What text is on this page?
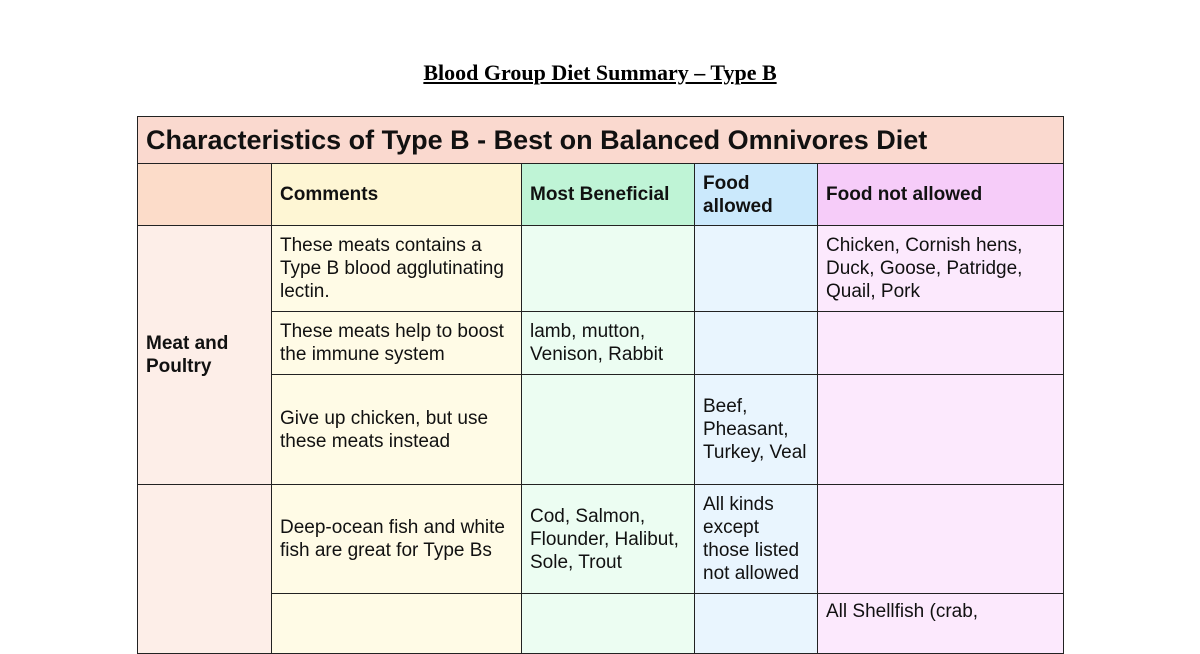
Blood Group Diet Summary – Type B
Characteristics of Type B - Best on Balanced Omnivores Diet				
	Comments	Most Beneficial	Food allowed	Food not allowed
Meat and Poultry	These meats contains a Type B blood agglutinating lectin.			Chicken, Cornish hens, Duck, Goose, Patridge, Quail, Pork
	These meats help to boost the immune system	lamb, mutton, Venison, Rabbit		
	Give up chicken, but use these meats instead		Beef, Pheasant, Turkey, Veal	
	Deep-ocean fish and white fish are great for Type Bs	Cod, Salmon, Flounder, Halibut, Sole, Trout	All kinds except those listed not allowed	
				All Shellfish (crab,
